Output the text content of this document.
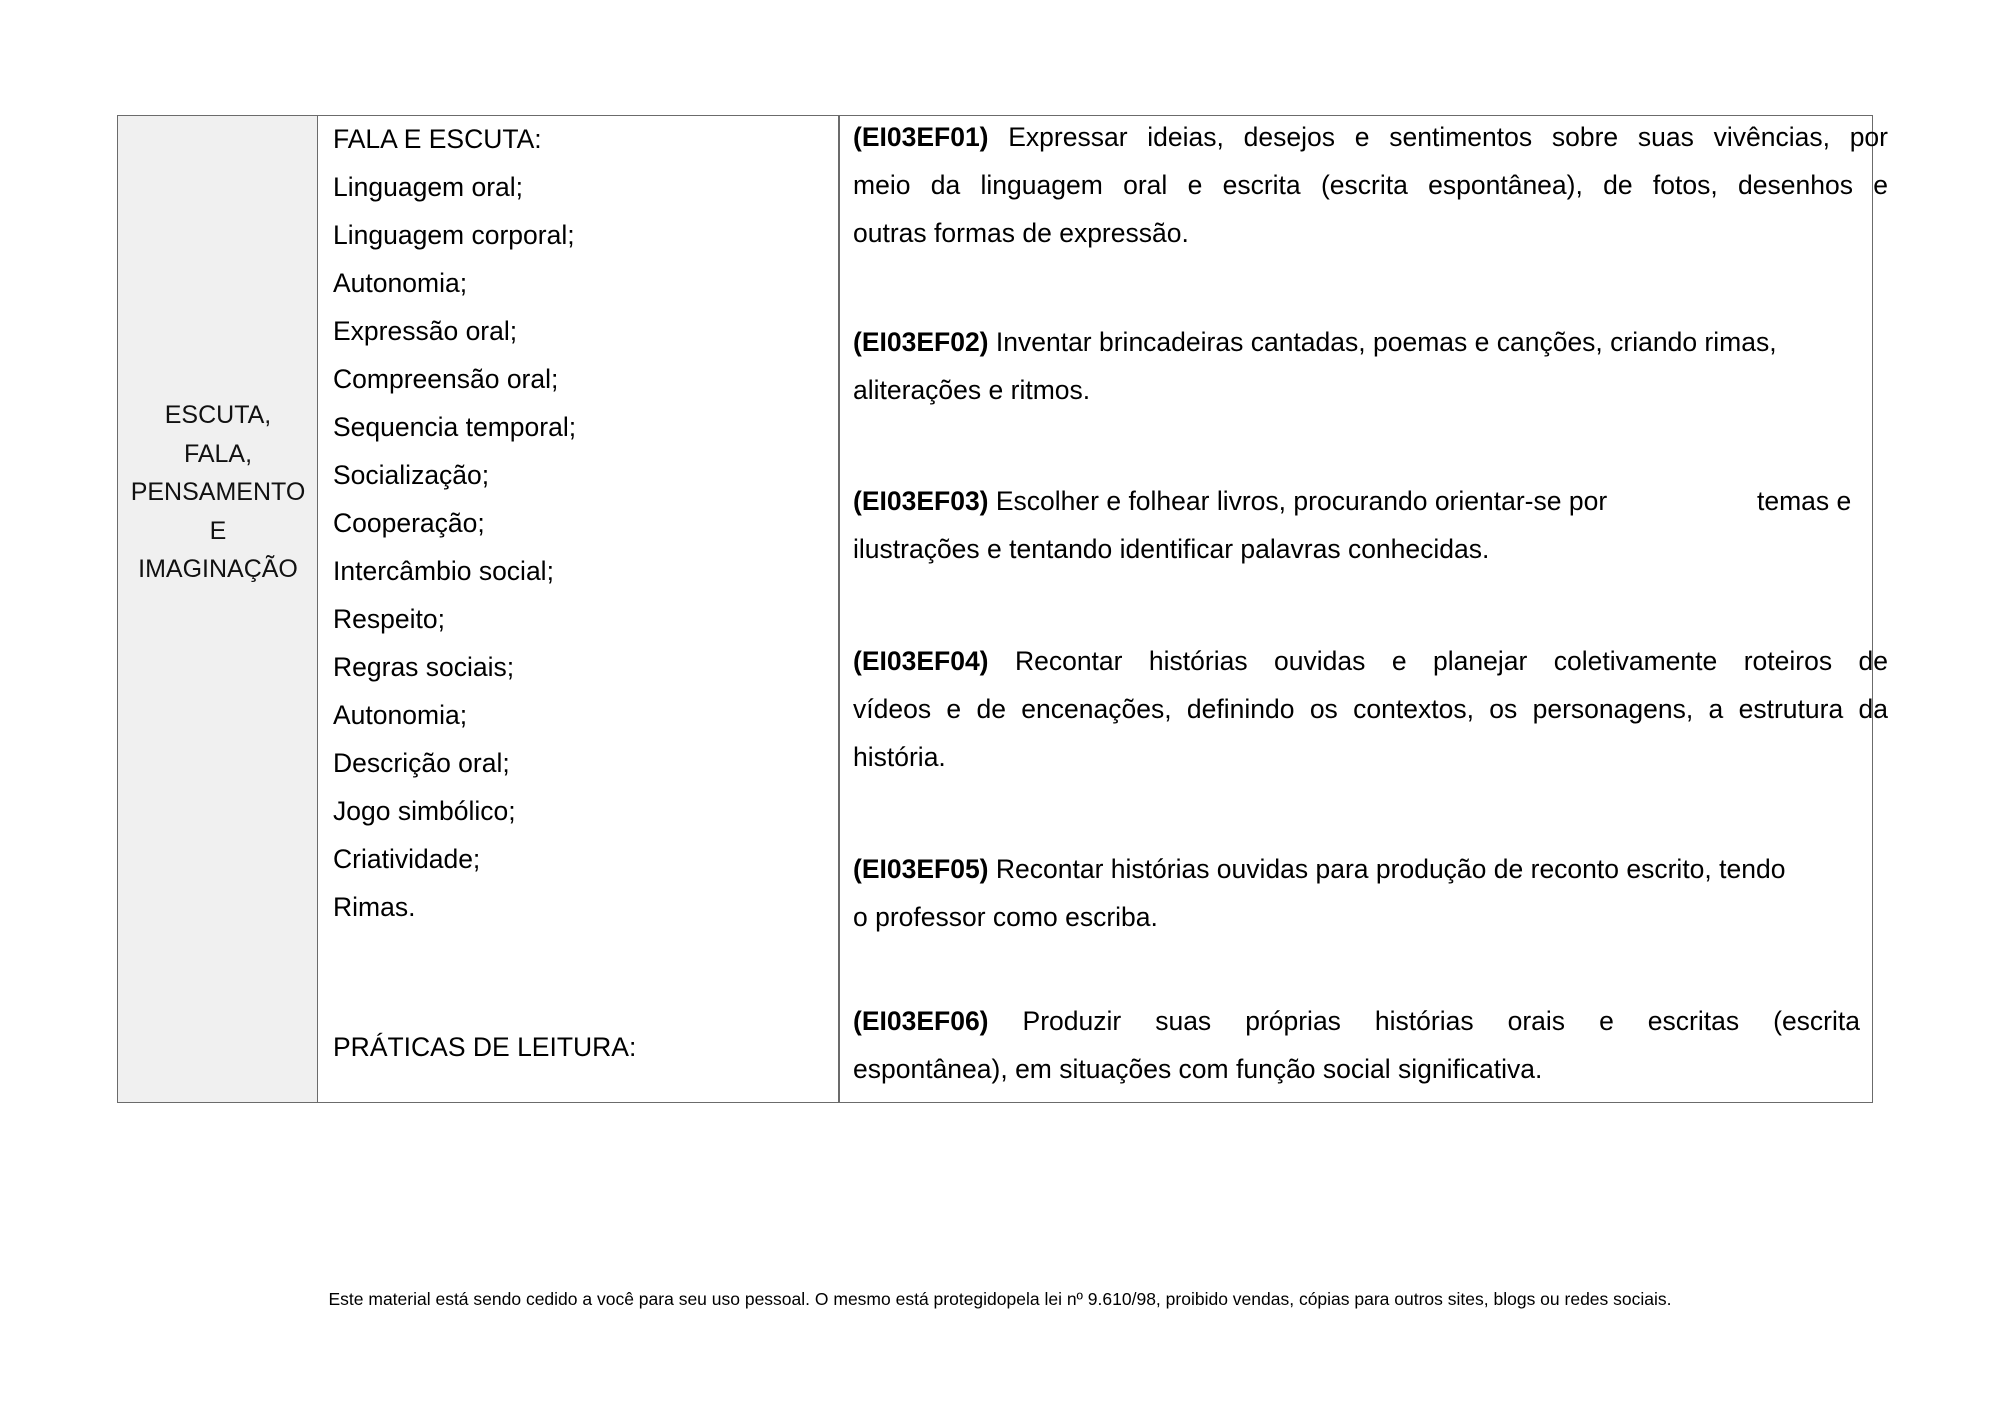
ESCUTA,
FALA,
PENSAMENTO
E
IMAGINAÇÃO
FALA E ESCUTA:
Linguagem oral;
Linguagem corporal;
Autonomia;
Expressão oral;
Compreensão oral;
Sequencia temporal;
Socialização;
Cooperação;
Intercâmbio social;
Respeito;
Regras sociais;
Autonomia;
Descrição oral;
Jogo simbólico;
Criatividade;
Rimas.
PRÁTICAS DE LEITURA:
(EI03EF01) Expressar ideias, desejos e sentimentos sobre suas vivências, por
meio da linguagem oral e escrita (escrita espontânea), de fotos, desenhos e
outras formas de expressão.
(EI03EF02) Inventar brincadeiras cantadas, poemas e canções, criando rimas,
aliterações e ritmos.
(EI03EF03) Escolher e folhear livros, procurando orientar-se por	temas e
ilustrações e tentando identificar palavras conhecidas.
(EI03EF04) Recontar histórias ouvidas e planejar coletivamente roteiros de
vídeos e de encenações, definindo os contextos, os personagens, a estrutura da
história.
(EI03EF05) Recontar histórias ouvidas para produção de reconto escrito, tendo
o professor como escriba.
(EI03EF06) Produzir suas próprias histórias orais e escritas (escrita
espontânea), em situações com função social significativa.
Este material está sendo cedido a você para seu uso pessoal. O mesmo está protegidopela lei nº 9.610/98, proibido vendas, cópias para outros sites, blogs ou redes sociais.
